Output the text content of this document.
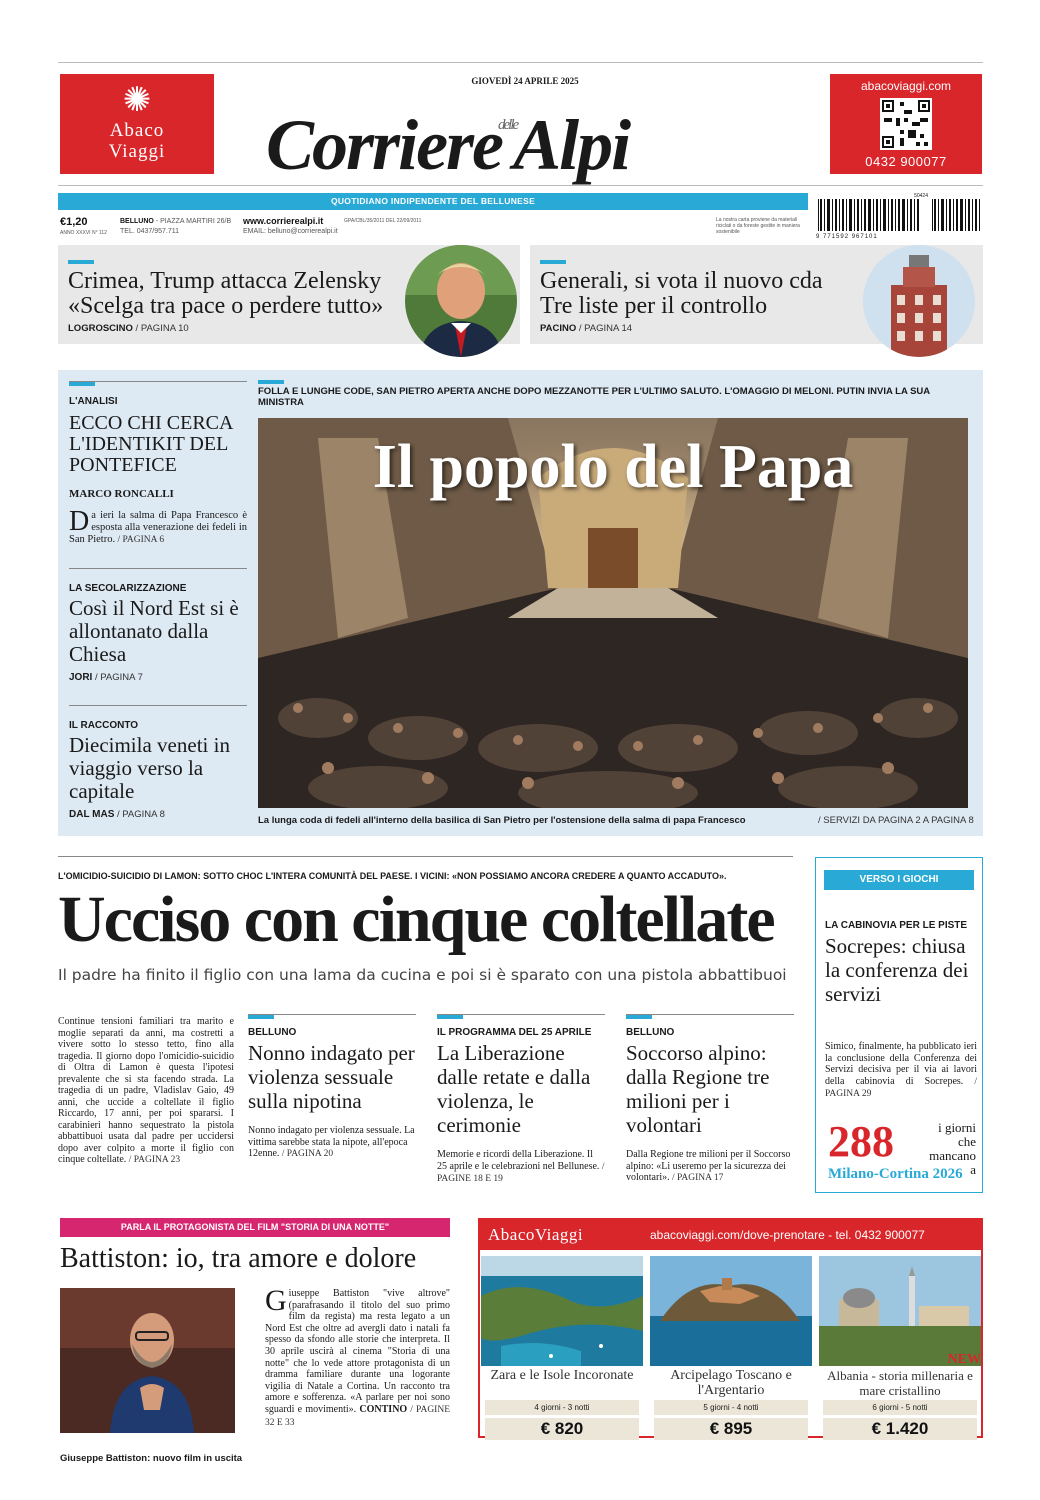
✺
Abaco
Viaggi
GIOVEDÌ 24 APRILE 2025
Corriere$^{delle}$Alpi
abacoviaggi.com
0432 900077
QUOTIDIANO INDIPENDENTE DEL BELLUNESE
€1,20
ANNO XXXVI N° 112
BELLUNO - PIAZZA MARTIRI 26/B
TEL. 0437/957.711
www.corrierealpi.it
EMAIL: belluno@corrierealpi.it
GPA/CBL/35/2011 DEL 22/09/2011	La nostra carta proviene da materiali riciclati o da foreste gestite in maniera sostenibile
50424
9 771592 967101
Crimea, Trump attacca Zelensky «Scelga tra pace o perdere tutto»
LOGROSCINO / PAGINA 10
Generali, si vota il nuovo cda Tre liste per il controllo
PACINO / PAGINA 14
L'ANALISI
ECCO CHI CERCA L'IDENTIKIT DEL PONTEFICE
MARCO RONCALLI
Da ieri la salma di Papa Francesco è esposta alla venerazione dei fedeli in San Pietro. / PAGINA 6
LA SECOLARIZZAZIONE
Così il Nord Est si è allontanato dalla Chiesa
JORI / PAGINA 7
IL RACCONTO
Diecimila veneti in viaggio verso la capitale
DAL MAS / PAGINA 8
FOLLA E LUNGHE CODE, SAN PIETRO APERTA ANCHE DOPO MEZZANOTTE PER L'ULTIMO SALUTO. L'OMAGGIO DI MELONI. PUTIN INVIA LA SUA MINISTRA
Il popolo del Papa
La lunga coda di fedeli all'interno della basilica di San Pietro per l'ostensione della salma di papa Francesco	/ SERVIZI DA PAGINA 2 A PAGINA 8
L'OMICIDIO-SUICIDIO DI LAMON: SOTTO CHOC L'INTERA COMUNITÀ DEL PAESE. I VICINI: «NON POSSIAMO ANCORA CREDERE A QUANTO ACCADUTO».
Ucciso con cinque coltellate
Il padre ha finito il figlio con una lama da cucina e poi si è sparato con una pistola abbattibuoi
Continue tensioni familiari tra marito e moglie separati da anni, ma costretti a vivere sotto lo stesso tetto, fino alla tragedia. Il giorno dopo l'omicidio-suicidio di Oltra di Lamon è questa l'ipotesi prevalente che si sta facendo strada. La tragedia di un padre, Vladislav Gaio, 49 anni, che uccide a coltellate il figlio Riccardo, 17 anni, per poi spararsi. I carabinieri hanno sequestrato la pistola abbattibuoi usata dal padre per uccidersi dopo aver colpito a morte il figlio con cinque coltellate. / PAGINA 23
BELLUNO
Nonno indagato per violenza sessuale sulla nipotina
Nonno indagato per violenza sessuale. La vittima sarebbe stata la nipote, all'epoca 12enne. / PAGINA 20
IL PROGRAMMA DEL 25 APRILE
La Liberazione dalle retate e dalla violenza, le cerimonie
Memorie e ricordi della Liberazione. Il 25 aprile e le celebrazioni nel Bellunese. / PAGINE 18 E 19
BELLUNO
Soccorso alpino: dalla Regione tre milioni per i volontari
Dalla Regione tre milioni per il Soccorso alpino: «Li useremo per la sicurezza dei volontari». / PAGINA 17
VERSO I GIOCHI
LA CABINOVIA PER LE PISTE
Socrepes: chiusa la conferenza dei servizi
Simico, finalmente, ha pubblicato ieri la conclusione della Conferenza dei Servizi decisiva per il via ai lavori della cabinovia di Socrepes. / PAGINA 29
288	i giorni che mancano a
Milano-Cortina 2026
PARLA IL PROTAGONISTA DEL FILM "STORIA DI UNA NOTTE"
Battiston: io, tra amore e dolore
Giuseppe Battiston: nuovo film in uscita
Giuseppe Battiston "vive altrove" (parafrasando il titolo del suo primo film da regista) ma resta legato a un Nord Est che oltre ad avergli dato i natali fa spesso da sfondo alle storie che interpreta. Il 30 aprile uscirà al cinema "Storia di una notte" che lo vede attore protagonista di un dramma familiare durante una logorante vigilia di Natale a Cortina. Un racconto tra amore e sofferenza. «A parlare per noi sono sguardi e movimenti». CONTINO / PAGINE 32 E 33
AbacoViaggi	abacoviaggi.com/dove-prenotare - tel. 0432 900077
Zara e le Isole Incoronate
4 giorni - 3 notti
€ 820
Arcipelago Toscano e l'Argentario
5 giorni - 4 notti
€ 895
NEW
Albania - storia millenaria e mare cristallino
6 giorni - 5 notti
€ 1.420
